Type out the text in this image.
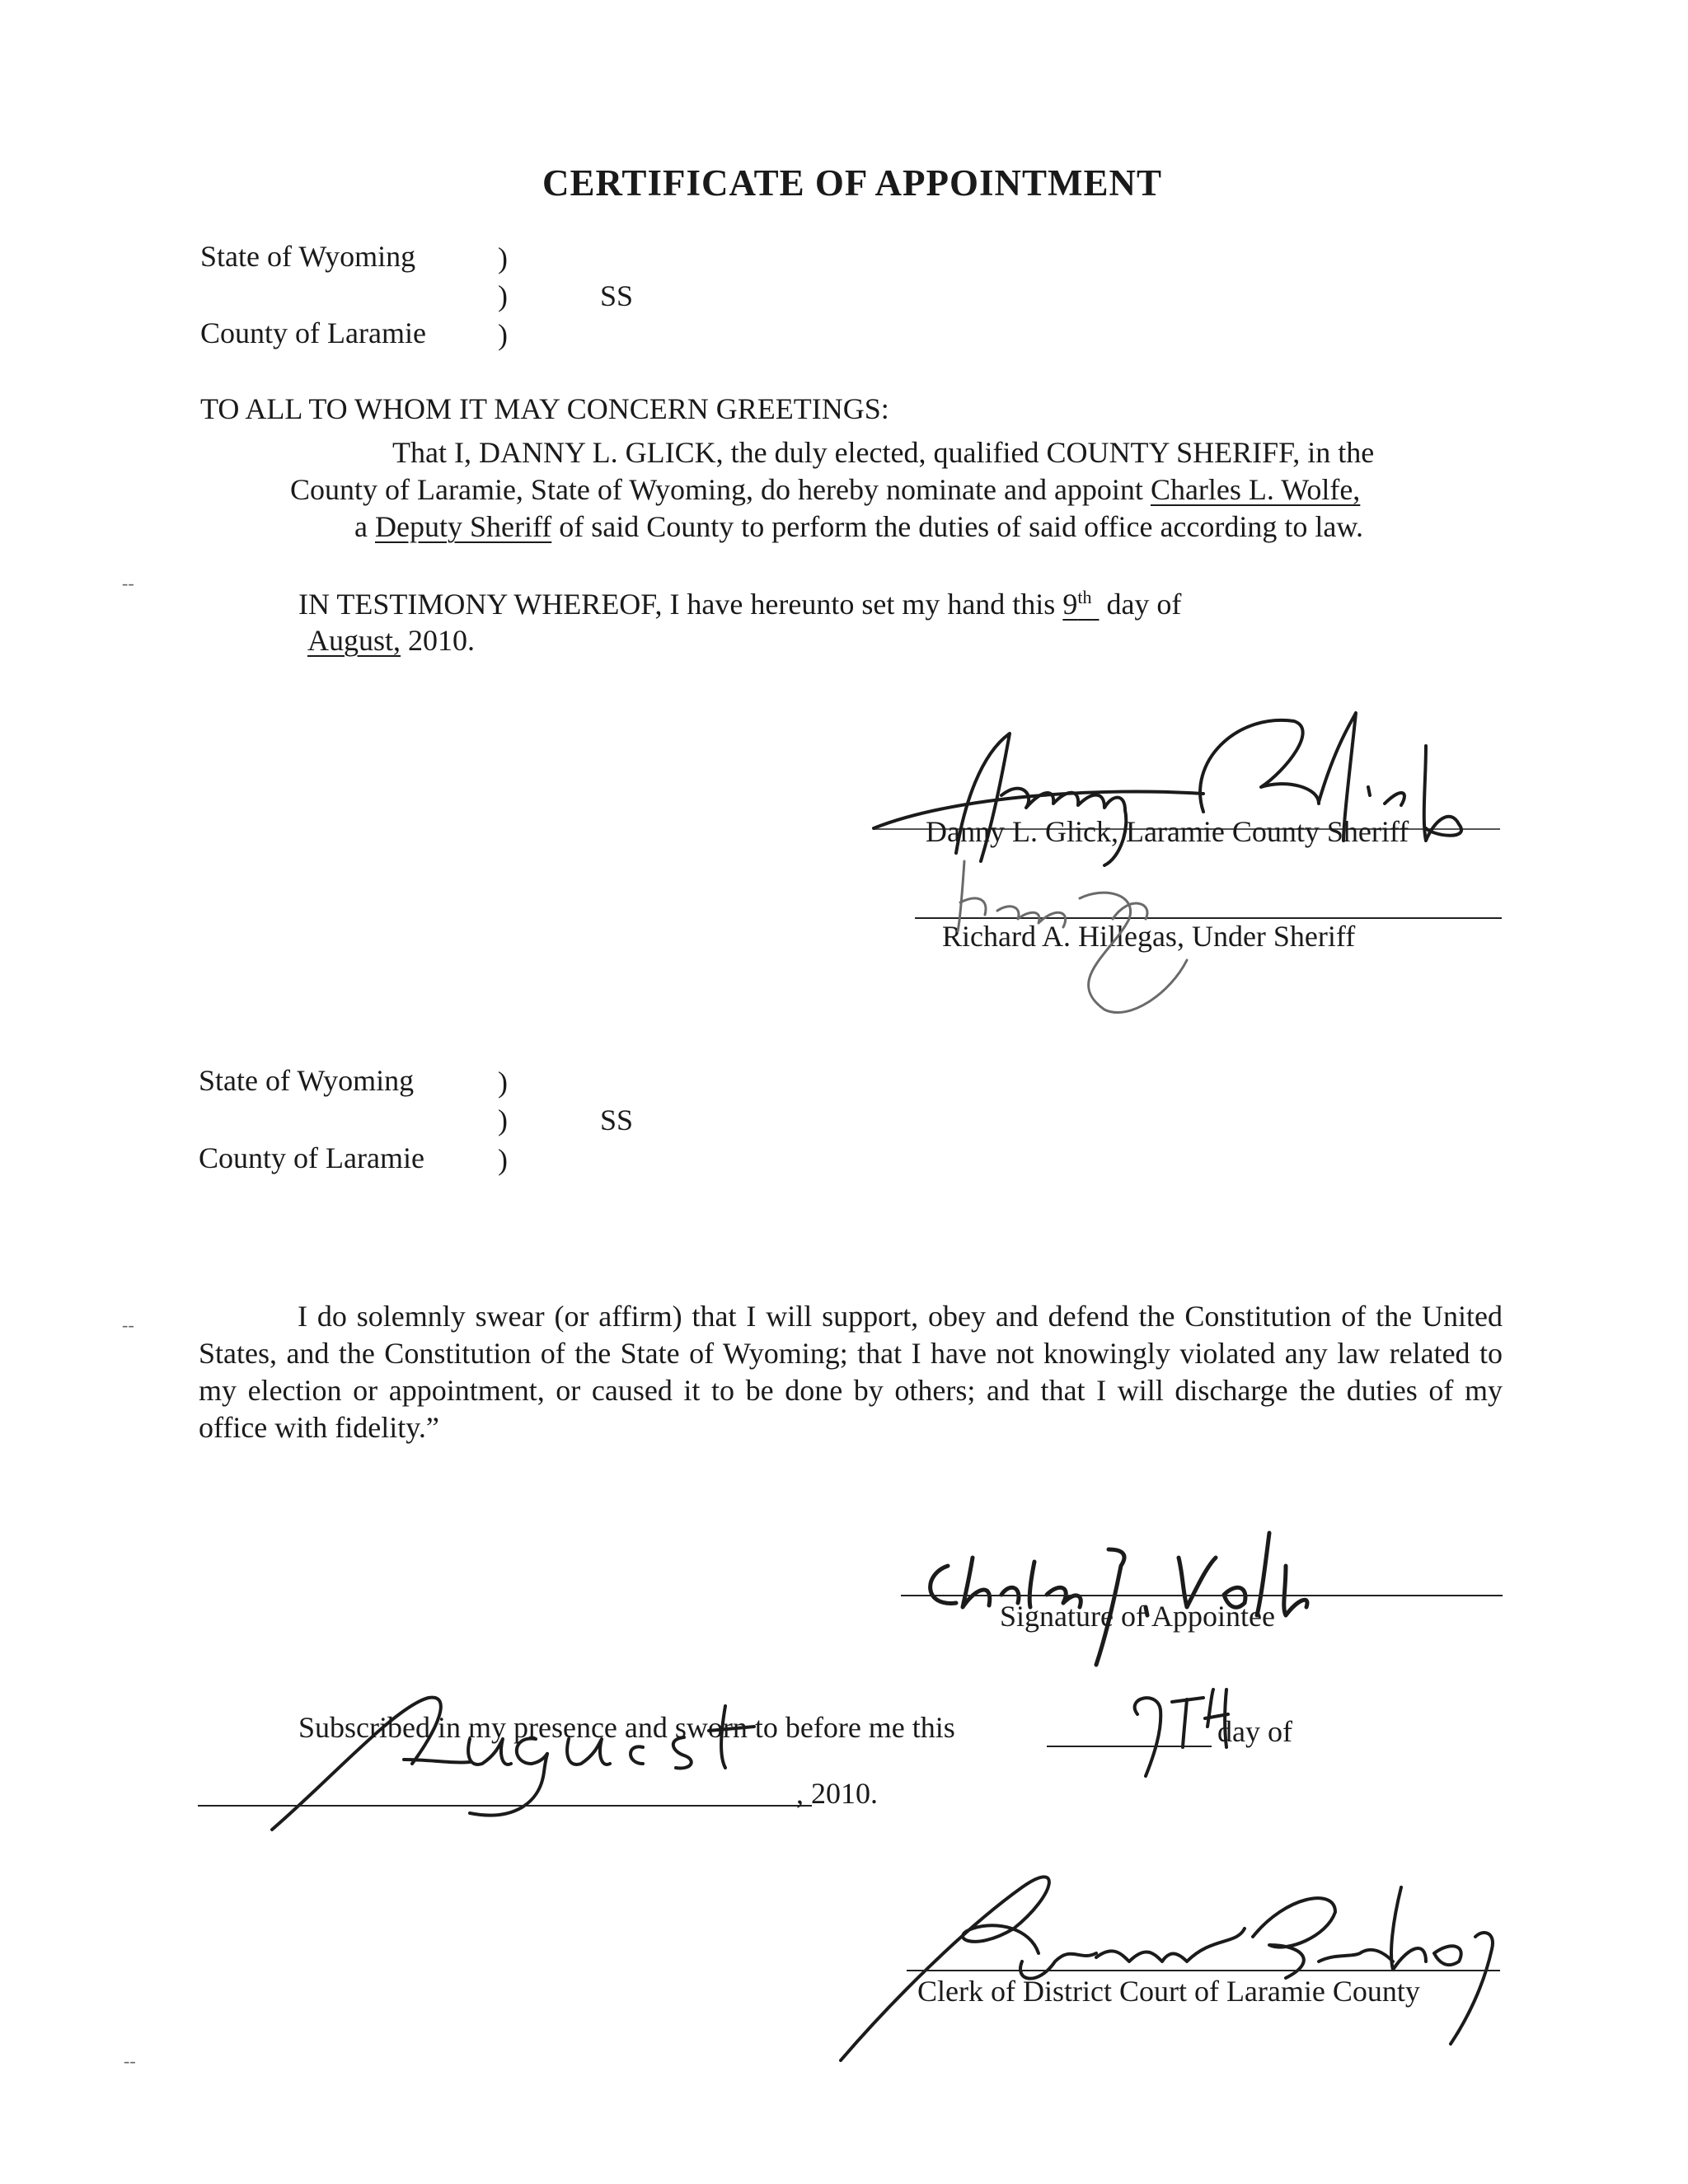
CERTIFICATE OF APPOINTMENT
State of Wyoming	)
)	SS
County of Laramie )
TO ALL TO WHOM IT MAY CONCERN GREETINGS:
That I, DANNY L. GLICK, the duly elected, qualified COUNTY SHERIFF, in the
County of Laramie, State of Wyoming, do hereby nominate and appoint Charles L. Wolfe,
a Deputy Sheriff of said County to perform the duties of said office according to law.
IN TESTIMONY WHEREOF, I have hereunto set my hand this 9th day of
August, 2010.
Danny L. Glick, Laramie County Sheriff
Richard A. Hillegas, Under Sheriff
State of Wyoming	)
)	SS
County of Laramie )
I do solemnly swear (or affirm) that I will support, obey and defend the Constitution of the United States, and the Constitution of the State of Wyoming; that I have not knowingly violated any law related to my election or appointment, or caused it to be done by others; and that I will discharge the duties of my office with fidelity.”
Signature of Appointee
Subscribed in my presence and sworn to before me this	day of
, 2010.
Clerk of District Court of Laramie County
--
--
--
